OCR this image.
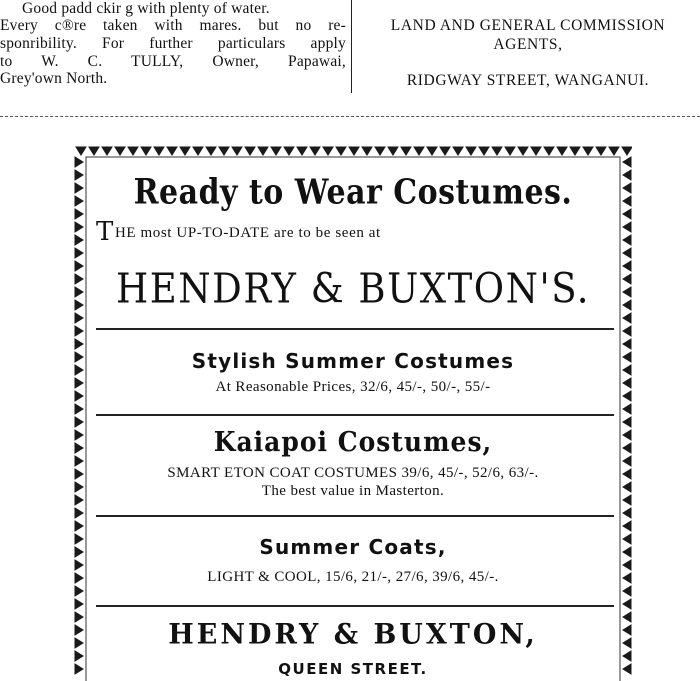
Good padd ckir g with plenty of water.
Every c®re taken with mares. but no re-
sponribility. For further particulars apply
to W. C. TULLY, Owner, Papawai,
Grey'own North.
LAND AND GENERAL COMMISSION
AGENTS,
RIDGWAY STREET, WANGANUI.
Ready to Wear Costumes.
THE most UP-TO-DATE are to be seen at
HENDRY & BUXTON'S.
Stylish Summer Costumes
At Reasonable Prices, 32/6, 45/-, 50/-, 55/-
Kaiapoi Costumes,
SMART ETON COAT COSTUMES 39/6, 45/-, 52/6, 63/-.
The best value in Masterton.
Summer Coats,
LIGHT & COOL, 15/6, 21/-, 27/6, 39/6, 45/-.
HENDRY & BUXTON,
QUEEN STREET.
